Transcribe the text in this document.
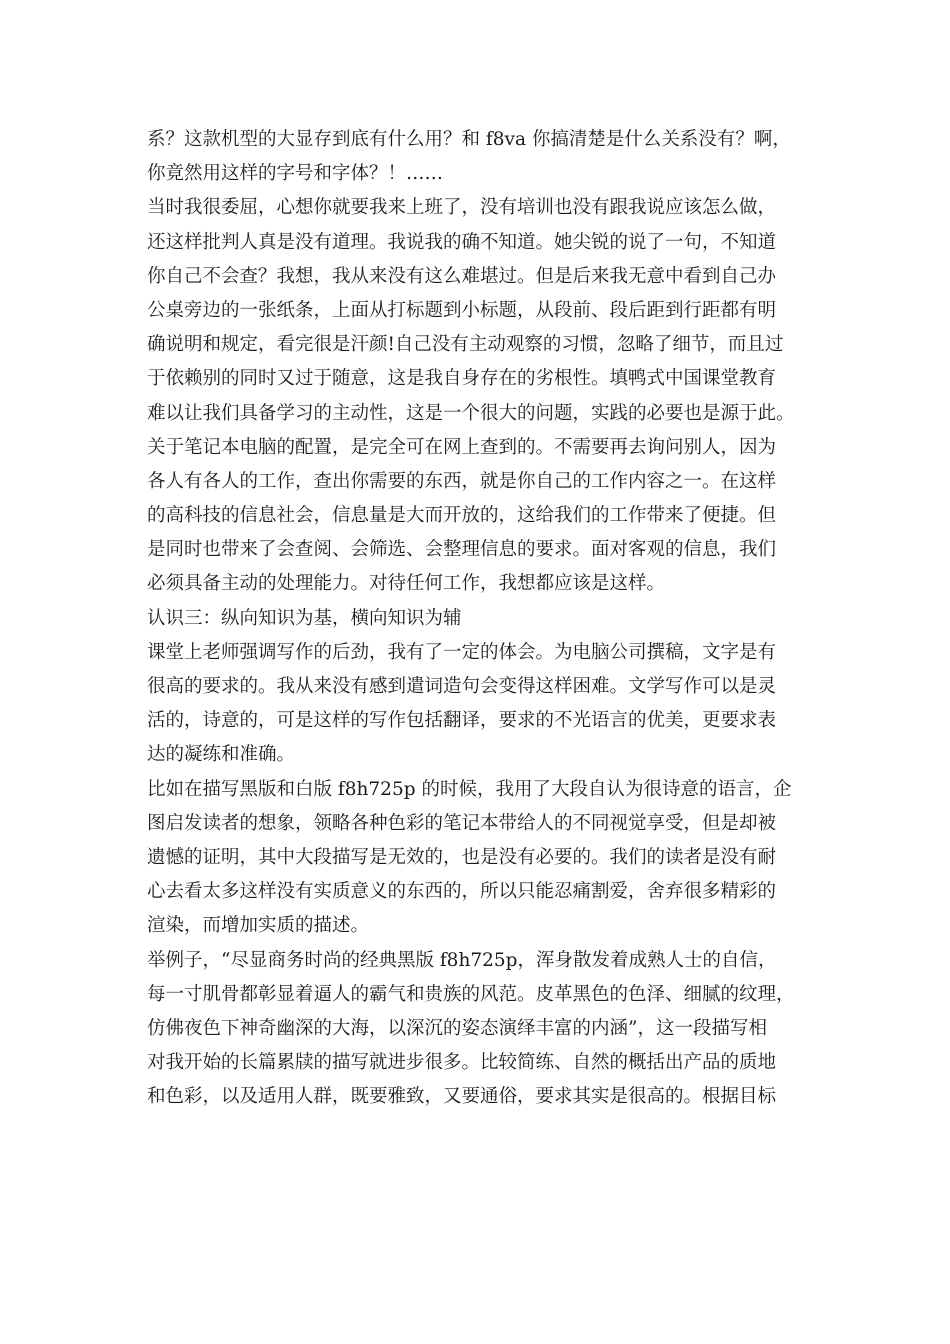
系？这款机型的大显存到底有什么用？和 f8va 你搞清楚是什么关系没有？啊，
你竟然用这样的字号和字体？！……
当时我很委屈，心想你就要我来上班了，没有培训也没有跟我说应该怎么做，
还这样批判人真是没有道理。我说我的确不知道。她尖锐的说了一句，不知道
你自己不会查？我想，我从来没有这么难堪过。但是后来我无意中看到自己办
公桌旁边的一张纸条，上面从打标题到小标题，从段前、段后距到行距都有明
确说明和规定，看完很是汗颜!自己没有主动观察的习惯，忽略了细节，而且过
于依赖别的同时又过于随意，这是我自身存在的劣根性。填鸭式中国课堂教育
难以让我们具备学习的主动性，这是一个很大的问题，实践的必要也是源于此。
关于笔记本电脑的配置，是完全可在网上查到的。不需要再去询问别人，因为
各人有各人的工作，查出你需要的东西，就是你自己的工作内容之一。在这样
的高科技的信息社会，信息量是大而开放的，这给我们的工作带来了便捷。但
是同时也带来了会查阅、会筛选、会整理信息的要求。面对客观的信息，我们
必须具备主动的处理能力。对待任何工作，我想都应该是这样。
认识三：纵向知识为基，横向知识为辅
课堂上老师强调写作的后劲，我有了一定的体会。为电脑公司撰稿，文字是有
很高的要求的。我从来没有感到遣词造句会变得这样困难。文学写作可以是灵
活的，诗意的，可是这样的写作包括翻译，要求的不光语言的优美，更要求表
达的凝练和准确。
比如在描写黑版和白版 f8h725p 的时候，我用了大段自认为很诗意的语言，企
图启发读者的想象，领略各种色彩的笔记本带给人的不同视觉享受，但是却被
遗憾的证明，其中大段描写是无效的，也是没有必要的。我们的读者是没有耐
心去看太多这样没有实质意义的东西的，所以只能忍痛割爱，舍弃很多精彩的
渲染，而增加实质的描述。
举例子，“尽显商务时尚的经典黑版 f8h725p，浑身散发着成熟人士的自信，
每一寸肌骨都彰显着逼人的霸气和贵族的风范。皮革黑色的色泽、细腻的纹理，
仿佛夜色下神奇幽深的大海，以深沉的姿态演绎丰富的内涵”，这一段描写相
对我开始的长篇累牍的描写就进步很多。比较简练、自然的概括出产品的质地
和色彩，以及适用人群，既要雅致，又要通俗，要求其实是很高的。根据目标
